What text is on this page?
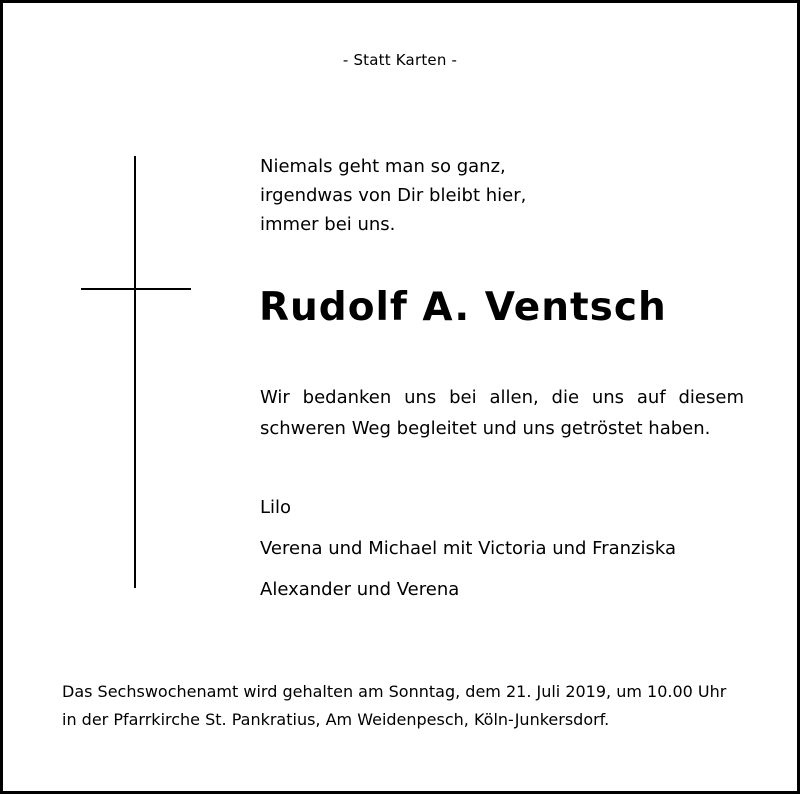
- Statt Karten -
Niemals geht man so ganz,
irgendwas von Dir bleibt hier,
immer bei uns.
Rudolf A. Ventsch
Wir bedanken uns bei allen, die uns auf diesem schweren Weg begleitet und uns getröstet haben.
Lilo
Verena und Michael mit Victoria und Franziska
Alexander und Verena
Das Sechswochenamt wird gehalten am Sonntag, dem 21. Juli 2019, um 10.00 Uhr
in der Pfarrkirche St. Pankratius, Am Weidenpesch, Köln-Junkersdorf.
